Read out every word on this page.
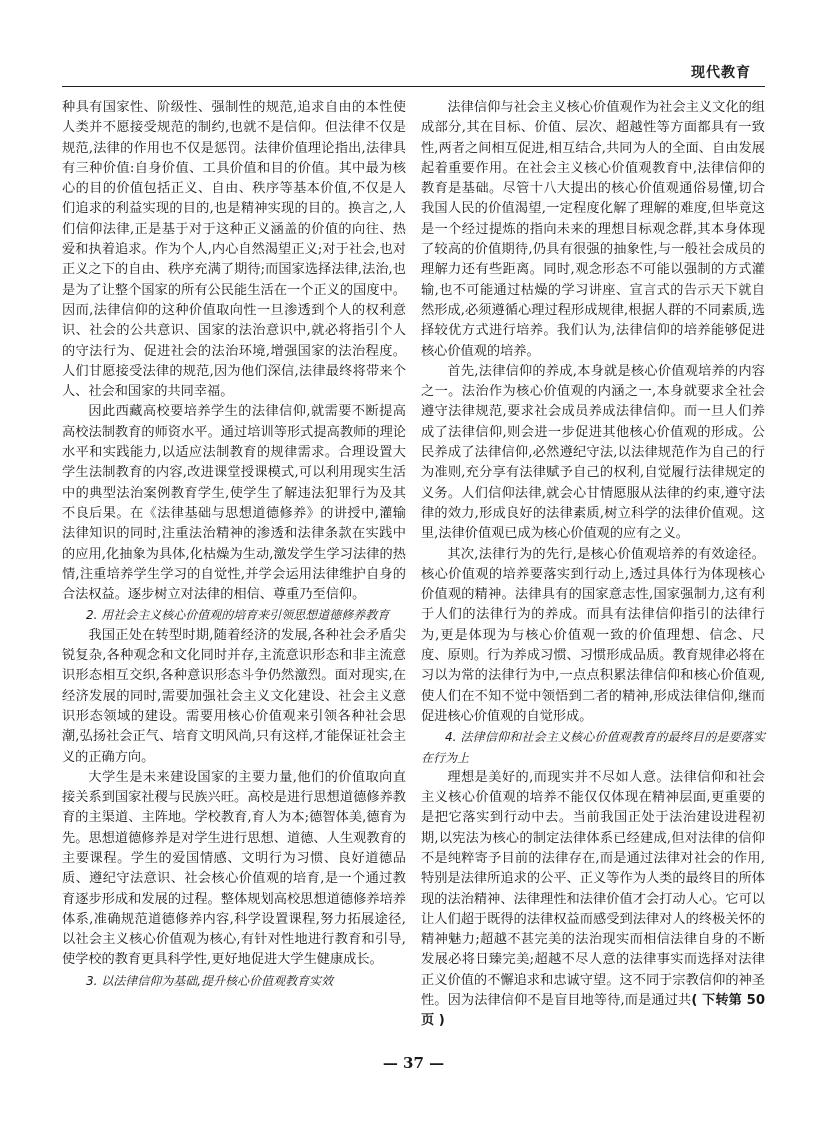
现代教育

种具有国家性、阶级性、强制性的规范,追求自由的本性使人类并不愿接受规范的制约,也就不是信仰。但法律不仅是规范,法律的作用也不仅是惩罚。法律价值理论指出,法律具有三种价值:自身价值、工具价值和目的价值。其中最为核心的目的价值包括正义、自由、秩序等基本价值,不仅是人们追求的利益实现的目的,也是精神实现的目的。换言之,人们信仰法律,正是基于对于这种正义涵盖的价值的向往、热爱和执着追求。作为个人,内心自然渴望正义;对于社会,也对正义之下的自由、秩序充满了期待;而国家选择法律,法治,也是为了让整个国家的所有公民能生活在一个正义的国度中。因而,法律信仰的这种价值取向性一旦渗透到个人的权利意识、社会的公共意识、国家的法治意识中,就必将指引个人的守法行为、促进社会的法治环境,增强国家的法治程度。人们甘愿接受法律的规范,因为他们深信,法律最终将带来个人、社会和国家的共同幸福。

因此西藏高校要培养学生的法律信仰,就需要不断提高高校法制教育的师资水平。通过培训等形式提高教师的理论水平和实践能力,以适应法制教育的规律需求。合理设置大学生法制教育的内容,改进课堂授课模式,可以利用现实生活中的典型法治案例教育学生,使学生了解违法犯罪行为及其不良后果。在《法律基础与思想道德修养》的讲授中,灌输法律知识的同时,注重法治精神的渗透和法律条款在实践中的应用,化抽象为具体,化枯燥为生动,激发学生学习法律的热情,注重培养学生学习的自觉性,并学会运用法律维护自身的合法权益。逐步树立对法律的相信、尊重乃至信仰。

2. 用社会主义核心价值观的培育来引领思想道德修养教育

我国正处在转型时期,随着经济的发展,各种社会矛盾尖锐复杂,各种观念和文化同时并存,主流意识形态和非主流意识形态相互交织,各种意识形态斗争仍然激烈。面对现实,在经济发展的同时,需要加强社会主义文化建设、社会主义意识形态领域的建设。需要用核心价值观来引领各种社会思潮,弘扬社会正气、培育文明风尚,只有这样,才能保证社会主义的正确方向。

大学生是未来建设国家的主要力量,他们的价值取向直接关系到国家社稷与民族兴旺。高校是进行思想道德修养教育的主渠道、主阵地。学校教育,育人为本;德智体美,德育为先。思想道德修养是对学生进行思想、道德、人生观教育的主要课程。学生的爱国情感、文明行为习惯、良好道德品质、遵纪守法意识、社会核心价值观的培育,是一个通过教育逐步形成和发展的过程。整体规划高校思想道德修养培养体系,准确规范道德修养内容,科学设置课程,努力拓展途径,以社会主义核心价值观为核心,有针对性地进行教育和引导,使学校的教育更具科学性,更好地促进大学生健康成长。

3. 以法律信仰为基础,提升核心价值观教育实效

法律信仰与社会主义核心价值观作为社会主义文化的组成部分,其在目标、价值、层次、超越性等方面都具有一致性,两者之间相互促进,相互结合,共同为人的全面、自由发展起着重要作用。在社会主义核心价值观教育中,法律信仰的教育是基础。尽管十八大提出的核心价值观通俗易懂,切合我国人民的价值渴望,一定程度化解了理解的难度,但毕竟这是一个经过提炼的指向未来的理想目标观念群,其本身体现了较高的价值期待,仍具有很强的抽象性,与一般社会成员的理解力还有些距离。同时,观念形态不可能以强制的方式灌输,也不可能通过枯燥的学习讲座、宣言式的告示天下就自然形成,必须遵循心理过程形成规律,根据人群的不同素质,选择较优方式进行培养。我们认为,法律信仰的培养能够促进核心价值观的培养。

首先,法律信仰的养成,本身就是核心价值观培养的内容之一。法治作为核心价值观的内涵之一,本身就要求全社会遵守法律规范,要求社会成员养成法律信仰。而一旦人们养成了法律信仰,则会进一步促进其他核心价值观的形成。公民养成了法律信仰,必然遵纪守法,以法律规范作为自己的行为准则,充分享有法律赋予自己的权利,自觉履行法律规定的义务。人们信仰法律,就会心甘情愿服从法律的约束,遵守法律的效力,形成良好的法律素质,树立科学的法律价值观。这里,法律价值观已成为核心价值观的应有之义。

其次,法律行为的先行,是核心价值观培养的有效途径。核心价值观的培养要落实到行动上,透过具体行为体现核心价值观的精神。法律具有的国家意志性,国家强制力,这有利于人们的法律行为的养成。而具有法律信仰指引的法律行为,更是体现为与核心价值观一致的价值理想、信念、尺度、原则。行为养成习惯、习惯形成品质。教育规律必将在习以为常的法律行为中,一点点积累法律信仰和核心价值观,使人们在不知不觉中领悟到二者的精神,形成法律信仰,继而促进核心价值观的自觉形成。

4. 法律信仰和社会主义核心价值观教育的最终目的是要落实在行为上

理想是美好的,而现实并不尽如人意。法律信仰和社会主义核心价值观的培养不能仅仅体现在精神层面,更重要的是把它落实到行动中去。当前我国正处于法治建设进程初期,以宪法为核心的制定法律体系已经建成,但对法律的信仰不是纯粹寄予目前的法律存在,而是通过法律对社会的作用,特别是法律所追求的公平、正义等作为人类的最终目的所体现的法治精神、法律理性和法律价值才会打动人心。它可以让人们超于既得的法律权益而感受到法律对人的终极关怀的精神魅力;超越不甚完美的法治现实而相信法律自身的不断发展必将日臻完美;超越不尽人意的法律事实而选择对法律正义价值的不懈追求和忠诚守望。这不同于宗教信仰的神圣性。因为法律信仰不是盲目地等待,而是通过共( 下转第 50 页 )

— 37 —
